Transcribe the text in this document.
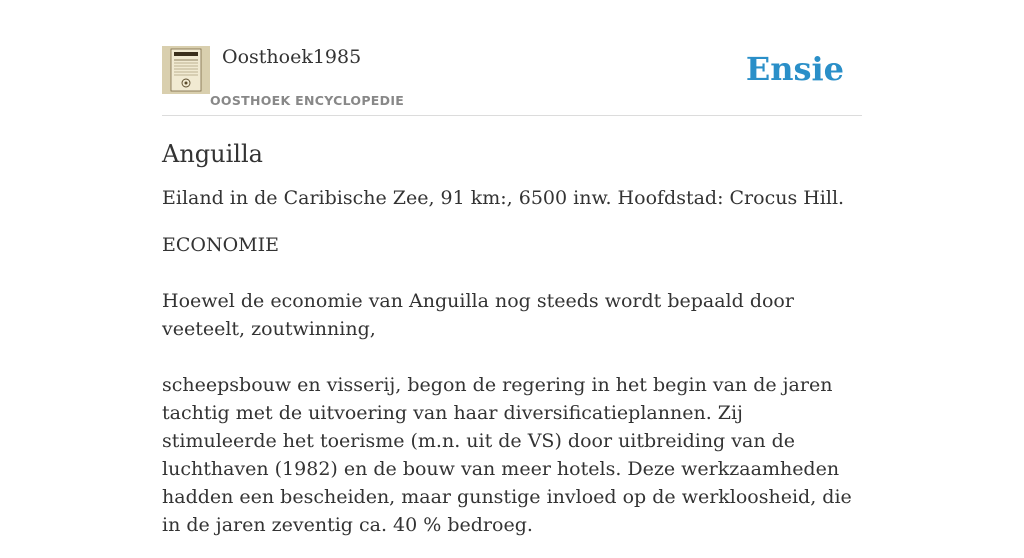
Oosthoek1985
OOSTHOEK ENCYCLOPEDIE
Ensie
Anguilla

Eiland in de Caribische Zee, 91 km:, 6500 inw. Hoofdstad: Crocus Hill.

ECONOMIE

Hoewel de economie van Anguilla nog steeds wordt bepaald door veeteelt, zoutwinning,

scheepsbouw en visserij, begon de regering in het begin van de jaren tachtig met de uitvoering van haar diversificatieplannen. Zij stimuleerde het toerisme (m.n. uit de VS) door uitbreiding van de luchthaven (1982) en de bouw van meer hotels. Deze werkzaamheden hadden een bescheiden, maar gunstige invloed op de werkloosheid, die in de jaren zeventig ca. 40 % bedroeg.
